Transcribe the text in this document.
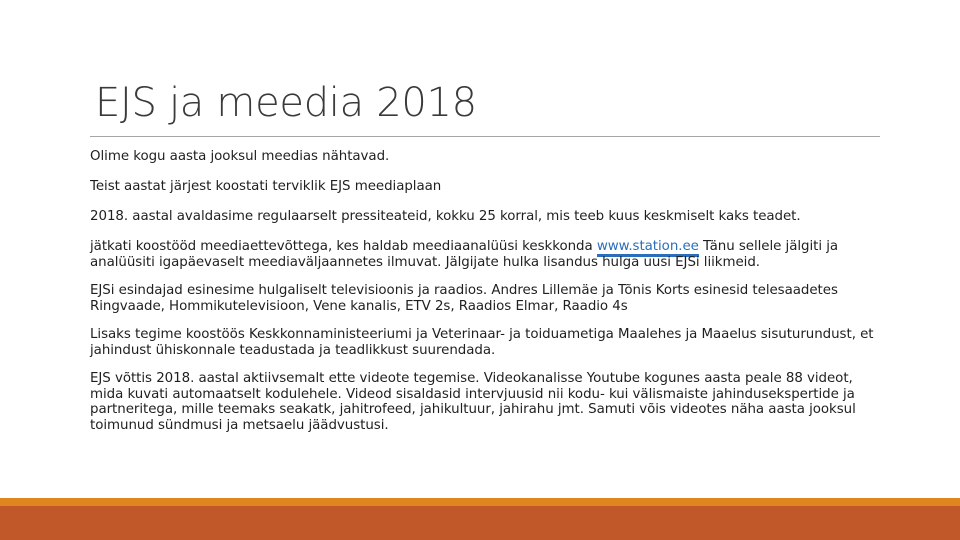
EJS ja meedia 2018

Olime kogu aasta jooksul meedias nähtavad.

Teist aastat järjest koostati terviklik EJS meediaplaan

2018. aastal avaldasime regulaarselt pressiteateid, kokku 25 korral, mis teeb kuus keskmiselt kaks teadet.

jätkati koostööd meediaettevõttega, kes haldab meediaanalüüsi keskkonda www.station.ee Tänu sellele jälgiti ja analüüsiti igapäevaselt meediaväljaannetes ilmuvat. Jälgijate hulka lisandus hulga uusi EJSi liikmeid.

EJSi esindajad esinesime hulgaliselt televisioonis ja raadios. Andres Lillemäe ja Tõnis Korts esinesid telesaadetes Ringvaade, Hommikutelevisioon, Vene kanalis, ETV 2s, Raadios Elmar, Raadio 4s

Lisaks tegime koostöös Keskkonnaministeeriumi ja Veterinaar- ja toiduametiga Maalehes ja Maaelus sisuturundust, et jahindust ühiskonnale teadustada ja teadlikkust suurendada.

EJS võttis 2018. aastal aktiivsemalt ette videote tegemise. Videokanalisse Youtube kogunes aasta peale 88 videot, mida kuvati automaatselt kodulehele. Videod sisaldasid intervjuusid nii kodu- kui välismaiste jahindusekspertide ja partneritega, mille teemaks seakatk, jahitrofeed, jahikultuur, jahirahu jmt. Samuti võis videotes näha aasta jooksul toimunud sündmusi ja metsaelu jäädvustusi.
